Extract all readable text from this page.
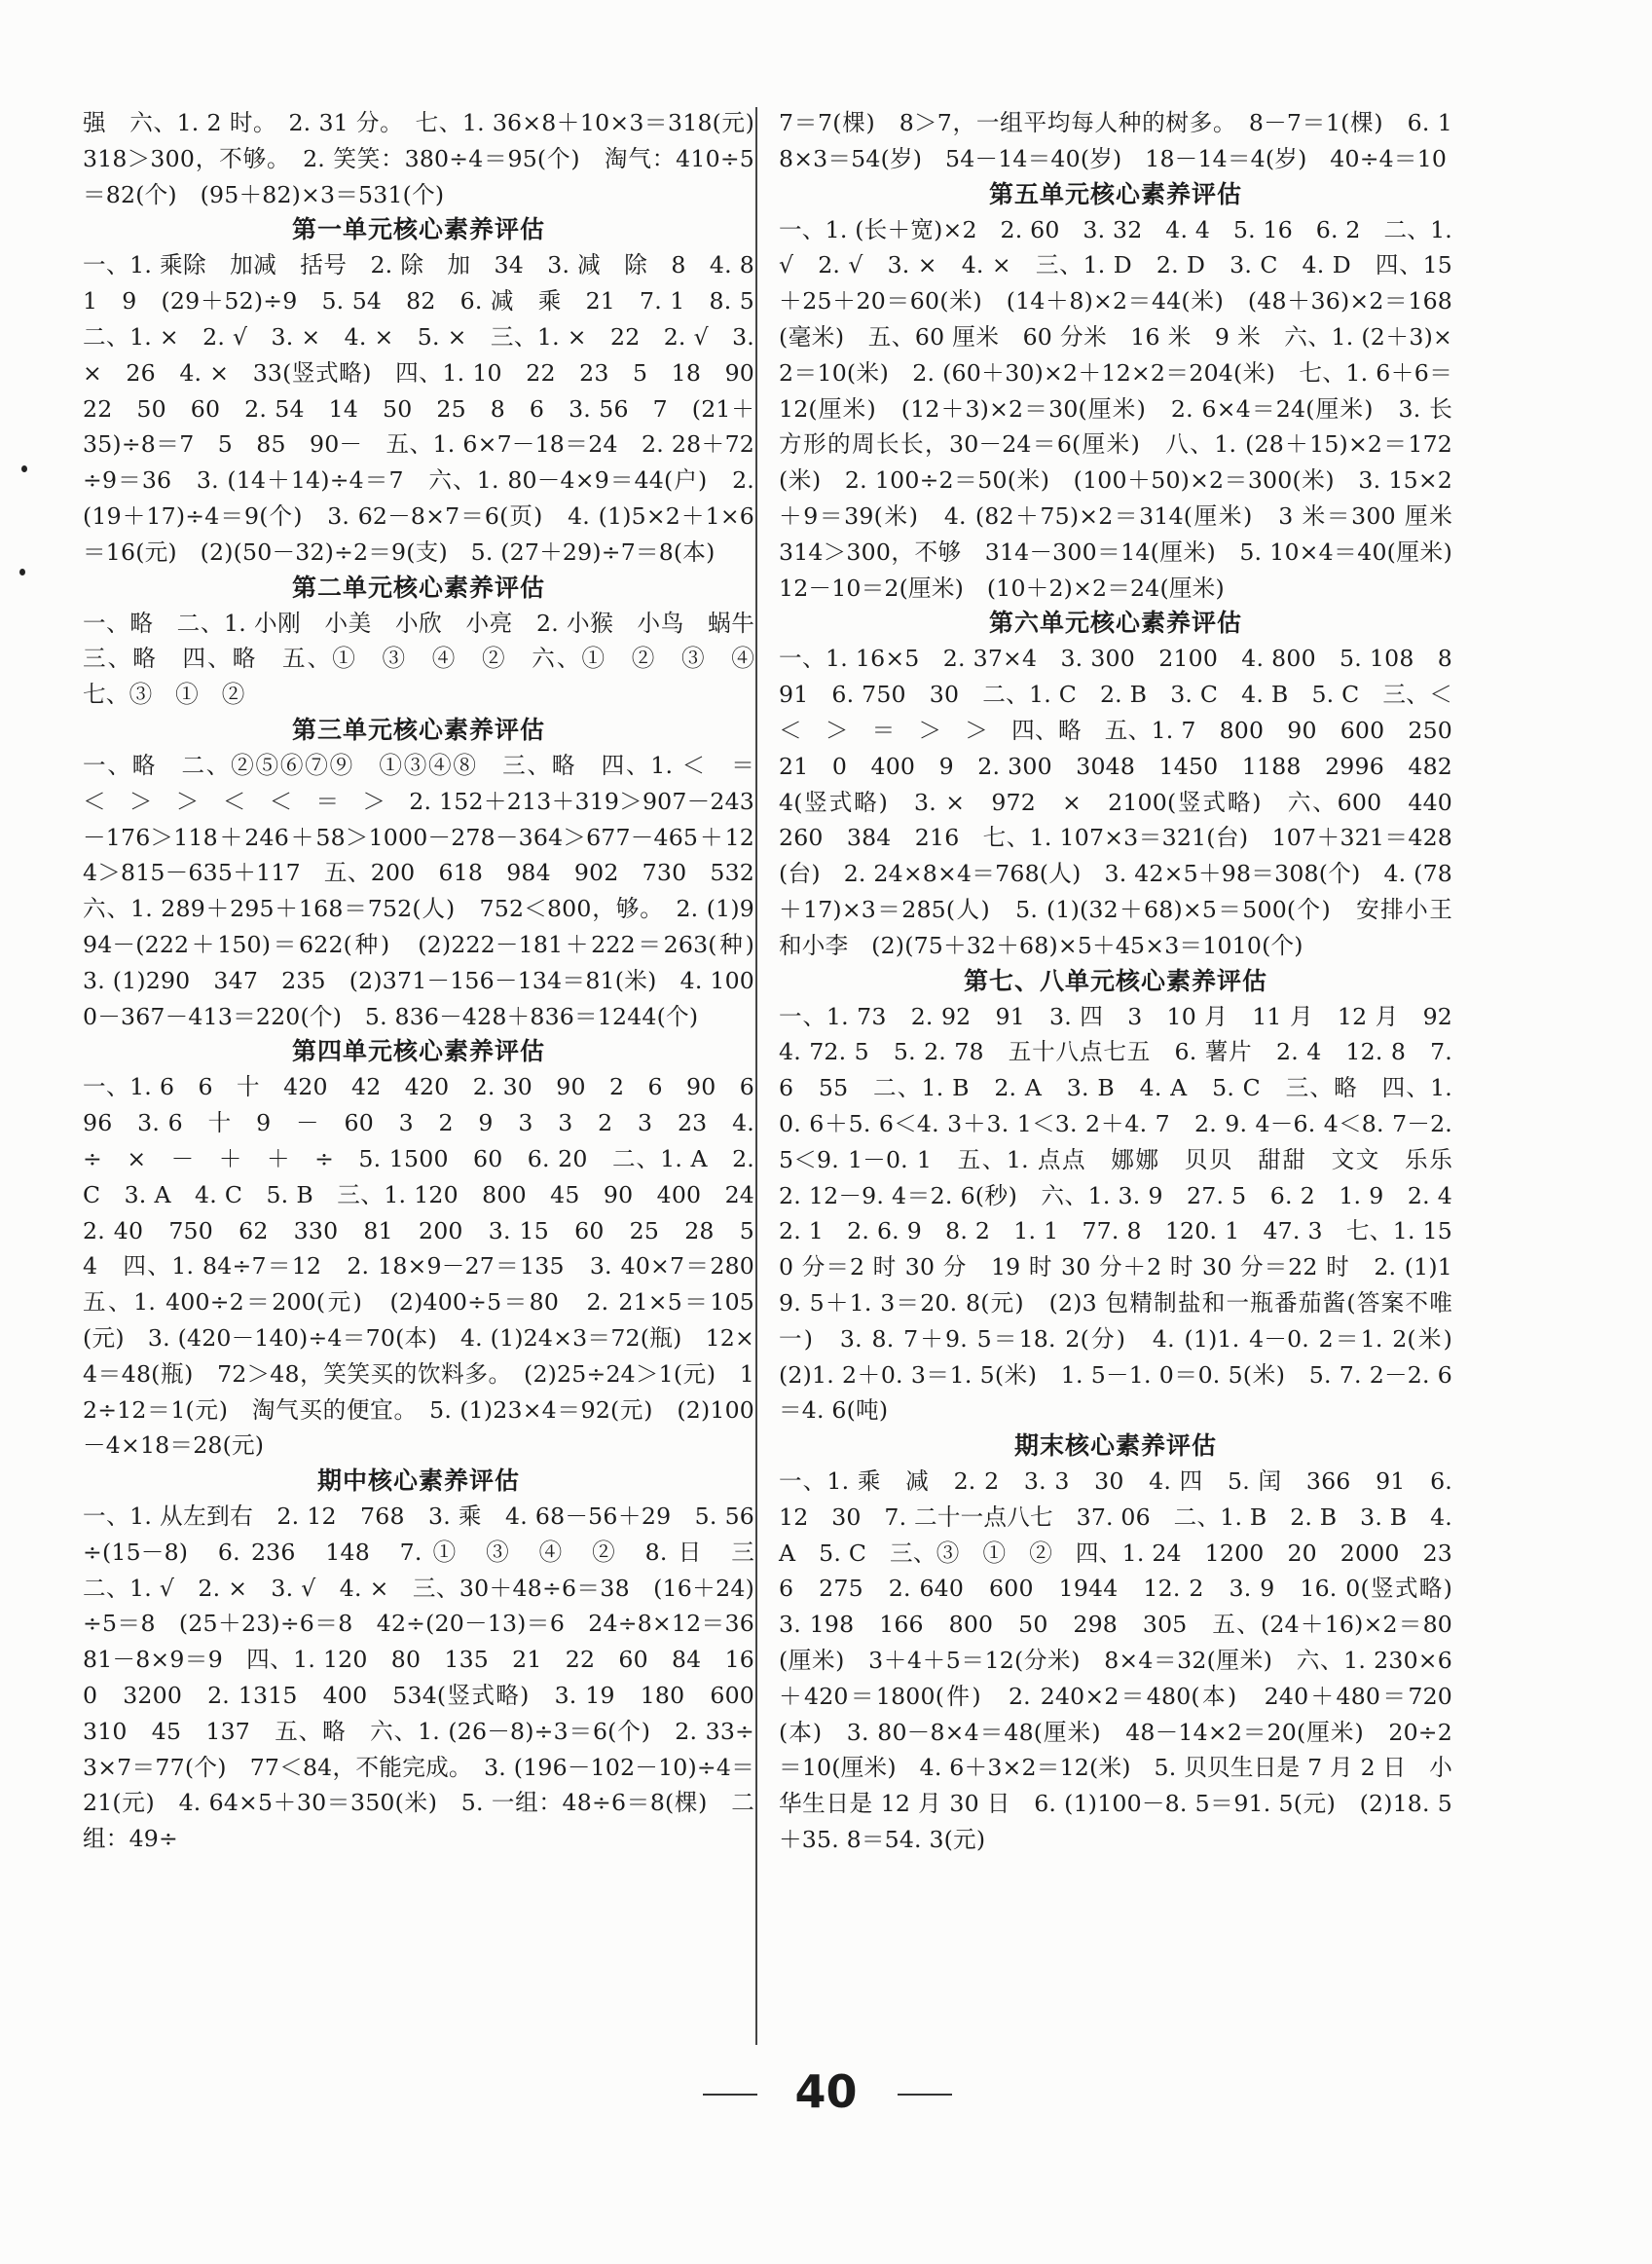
强　六、1. 2 时。　2. 31 分。　七、1. 36×8＋10×3＝318(元)　318＞300，不够。　2. 笑笑：380÷4＝95(个)　淘气：410÷5＝82(个)　(95＋82)×3＝531(个)

第一单元核心素养评估

一、1. 乘除　加减　括号　2. 除　加　34　3. 减　除　8　4. 81　9　(29＋52)÷9　5. 54　82　6. 减　乘　21　7. 1　8. 5　二、1. ×　2. √　3. ×　4. ×　5. ×　三、1. ×　22　2. √　3. ×　26　4. ×　33(竖式略)　四、1. 10　22　23　5　18　90　22　50　60　2. 54　14　50　25　8　6　3. 56　7　(21＋35)÷8＝7　5　85　90－　五、1. 6×7－18＝24　2. 28＋72÷9＝36　3. (14＋14)÷4＝7　六、1. 80－4×9＝44(户)　2. (19＋17)÷4＝9(个)　3. 62－8×7＝6(页)　4. (1)5×2＋1×6＝16(元)　(2)(50－32)÷2＝9(支)　5. (27＋29)÷7＝8(本)

第二单元核心素养评估

一、略　二、1. 小刚　小美　小欣　小亮　2. 小猴　小鸟　蜗牛　三、略　四、略　五、①　③　④　②　六、①　②　③　④　七、③　①　②

第三单元核心素养评估

一、略　二、②⑤⑥⑦⑨　①③④⑧　三、略　四、1. ＜　＝　＜　＞　＞　＜　＜　＝　＞　2. 152＋213＋319＞907－243－176＞118＋246＋58＞1000－278－364＞677－465＋124＞815－635＋117　五、200　618　984　902　730　532　六、1. 289＋295＋168＝752(人)　752＜800，够。　2. (1)994－(222＋150)＝622(种)　(2)222－181＋222＝263(种)　3. (1)290　347　235　(2)371－156－134＝81(米)　4. 1000－367－413＝220(个)　5. 836－428＋836＝1244(个)

第四单元核心素养评估

一、1. 6　6　十　420　42　420　2. 30　90　2　6　90　6　96　3. 6　十　9　－　60　3　2　9　3　3　2　3　23　4. ÷　×　－　＋　＋　÷　5. 1500　60　6. 20　二、1. A　2. C　3. A　4. C　5. B　三、1. 120　800　45　90　400　24　2. 40　750　62　330　81　200　3. 15　60　25　28　5　4　四、1. 84÷7＝12　2. 18×9－27＝135　3. 40×7＝280　五、1. 400÷2＝200(元)　(2)400÷5＝80　2. 21×5＝105(元)　3. (420－140)÷4＝70(本)　4. (1)24×3＝72(瓶)　12×4＝48(瓶)　72＞48，笑笑买的饮料多。　(2)25÷24＞1(元)　12÷12＝1(元)　淘气买的便宜。　5. (1)23×4＝92(元)　(2)100－4×18＝28(元)

期中核心素养评估

一、1. 从左到右　2. 12　768　3. 乘　4. 68－56＋29　5. 56÷(15－8)　6. 236　148　7. ①　③　④　②　8. 日　三　二、1. √　2. ×　3. √　4. ×　三、30＋48÷6＝38　(16＋24)÷5＝8　(25＋23)÷6＝8　42÷(20－13)＝6　24÷8×12＝36　81－8×9＝9　四、1. 120　80　135　21　22　60　84　160　3200　2. 1315　400　534(竖式略)　3. 19　180　600　310　45　137　五、略　六、1. (26－8)÷3＝6(个)　2. 33÷3×7＝77(个)　77＜84，不能完成。　3. (196－102－10)÷4＝21(元)　4. 64×5＋30＝350(米)　5. 一组：48÷6＝8(棵)　二组：49÷

7＝7(棵)　8＞7，一组平均每人种的树多。　8－7＝1(棵)　6. 18×3＝54(岁)　54－14＝40(岁)　18－14＝4(岁)　40÷4＝10

第五单元核心素养评估

一、1. (长＋宽)×2　2. 60　3. 32　4. 4　5. 16　6. 2　二、1. √　2. √　3. ×　4. ×　三、1. D　2. D　3. C　4. D　四、15＋25＋20＝60(米)　(14＋8)×2＝44(米)　(48＋36)×2＝168(毫米)　五、60 厘米　60 分米　16 米　9 米　六、1. (2＋3)×2＝10(米)　2. (60＋30)×2＋12×2＝204(米)　七、1. 6＋6＝12(厘米)　(12＋3)×2＝30(厘米)　2. 6×4＝24(厘米)　3. 长方形的周长长，30－24＝6(厘米)　八、1. (28＋15)×2＝172(米)　2. 100÷2＝50(米)　(100＋50)×2＝300(米)　3. 15×2＋9＝39(米)　4. (82＋75)×2＝314(厘米)　3 米＝300 厘米　314＞300，不够　314－300＝14(厘米)　5. 10×4＝40(厘米)　12－10＝2(厘米)　(10＋2)×2＝24(厘米)

第六单元核心素养评估

一、1. 16×5　2. 37×4　3. 300　2100　4. 800　5. 108　891　6. 750　30　二、1. C　2. B　3. C　4. B　5. C　三、＜　＜　＞　＝　＞　＞　四、略　五、1. 7　800　90　600　250　21　0　400　9　2. 300　3048　1450　1188　2996　4824(竖式略)　3. ×　972　×　2100(竖式略)　六、600　440　260　384　216　七、1. 107×3＝321(台)　107＋321＝428(台)　2. 24×8×4＝768(人)　3. 42×5＋98＝308(个)　4. (78＋17)×3＝285(人)　5. (1)(32＋68)×5＝500(个)　安排小王和小李　(2)(75＋32＋68)×5＋45×3＝1010(个)

第七、八单元核心素养评估

一、1. 73　2. 92　91　3. 四　3　10 月　11 月　12 月　92　4. 72. 5　5. 2. 78　五十八点七五　6. 薯片　2. 4　12. 8　7. 6　55　二、1. B　2. A　3. B　4. A　5. C　三、略　四、1. 0. 6＋5. 6＜4. 3＋3. 1＜3. 2＋4. 7　2. 9. 4－6. 4＜8. 7－2. 5＜9. 1－0. 1　五、1. 点点　娜娜　贝贝　甜甜　文文　乐乐　2. 12－9. 4＝2. 6(秒)　六、1. 3. 9　27. 5　6. 2　1. 9　2. 4　2. 1　2. 6. 9　8. 2　1. 1　77. 8　120. 1　47. 3　七、1. 150 分＝2 时 30 分　19 时 30 分＋2 时 30 分＝22 时　2. (1)19. 5＋1. 3＝20. 8(元)　(2)3 包精制盐和一瓶番茄酱(答案不唯一)　3. 8. 7＋9. 5＝18. 2(分)　4. (1)1. 4－0. 2＝1. 2(米)　(2)1. 2＋0. 3＝1. 5(米)　1. 5－1. 0＝0. 5(米)　5. 7. 2－2. 6＝4. 6(吨)

期末核心素养评估

一、1. 乘　减　2. 2　3. 3　30　4. 四　5. 闰　366　91　6. 12　30　7. 二十一点八七　37. 06　二、1. B　2. B　3. B　4. A　5. C　三、③　①　②　四、1. 24　1200　20　2000　236　275　2. 640　600　1944　12. 2　3. 9　16. 0(竖式略)　3. 198　166　800　50　298　305　五、(24＋16)×2＝80(厘米)　3＋4＋5＝12(分米)　8×4＝32(厘米)　六、1. 230×6＋420＝1800(件)　2. 240×2＝480(本)　240＋480＝720(本)　3. 80－8×4＝48(厘米)　48－14×2＝20(厘米)　20÷2＝10(厘米)　4. 6＋3×2＝12(米)　5. 贝贝生日是 7 月 2 日　小华生日是 12 月 30 日　6. (1)100－8. 5＝91. 5(元)　(2)18. 5＋35. 8＝54. 3(元)

40
